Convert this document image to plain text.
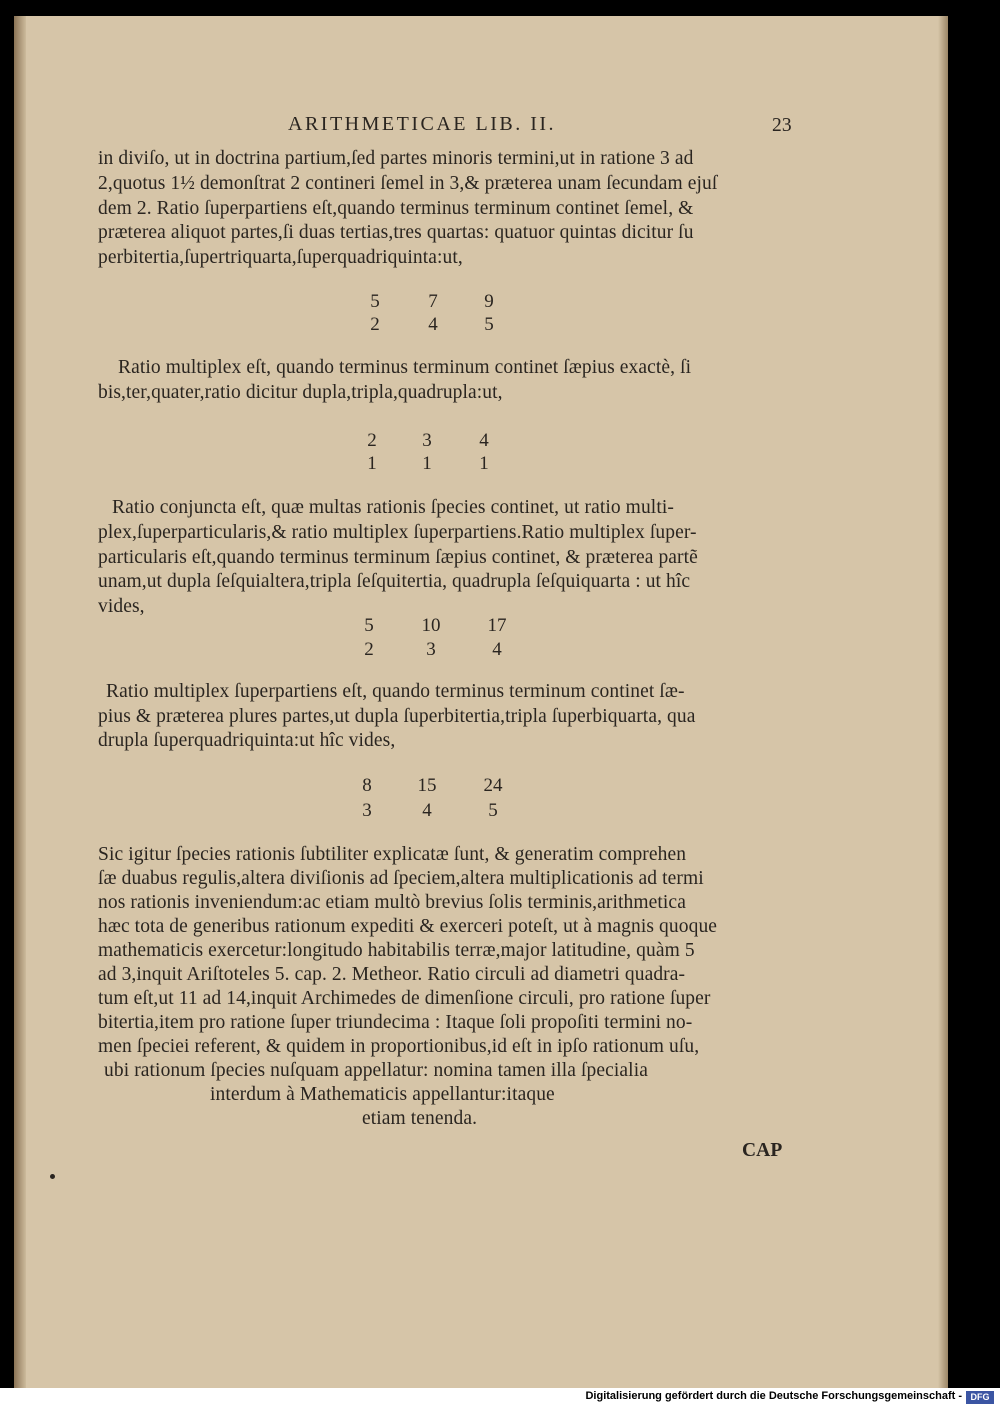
ARITHMETICAE LIB. II.	23
in diviſo, ut in doctrina partium,ſed partes minoris termini,ut in ratione 3 ad
2,quotus 1½ demonſtrat 2 contineri ſemel in 3,& prӕterea unam ſecundam ejuſ
dem 2. Ratio ſuperpartiens eſt,quando terminus terminum continet ſemel, &
prӕterea aliquot partes,ſi duas tertias,tres quartas: quatuor quintas dicitur ſu
perbitertia,ſupertriquarta,ſuperquadriquinta:ut,
5	7	9
2	4	5
Ratio multiplex eſt, quando terminus terminum continet ſӕpius exactè, ſi
bis,ter,quater,ratio dicitur dupla,tripla,quadrupla:ut,
2	3	4
1	1	1
Ratio conjuncta eſt, quӕ multas rationis ſpecies continet, ut ratio multi-
plex,ſuperparticularis,& ratio multiplex ſuperpartiens.Ratio multiplex ſuper-
particularis eſt,quando terminus terminum ſӕpius continet, & prӕterea partẽ
unam,ut dupla ſeſquialtera,tripla ſeſquitertia, quadrupla ſeſquiquarta : ut hîc
vides,
5	10 17
2	3	4
Ratio multiplex ſuperpartiens eſt, quando terminus terminum continet ſӕ-
pius & prӕterea plures partes,ut dupla ſuperbitertia,tripla ſuperbiquarta, qua
drupla ſuperquadriquinta:ut hîc vides,
8	15 24
3	4	5
Sic igitur ſpecies rationis ſubtiliter explicatӕ ſunt, & generatim comprehen
ſӕ duabus regulis,altera diviſionis ad ſpeciem,altera multiplicationis ad termi
nos rationis inveniendum:ac etiam multò brevius ſolis terminis,arithmetica
hӕc tota de generibus rationum expediti & exerceri poteſt, ut à magnis quoque
mathematicis exercetur:longitudo habitabilis terrӕ,major latitudine, quàm 5
ad 3,inquit Ariſtoteles 5. cap. 2. Metheor. Ratio circuli ad diametri quadra-
tum eſt,ut 11 ad 14,inquit Archimedes de dimenſione circuli, pro ratione ſuper
bitertia,item pro ratione ſuper triundecima : Itaque ſoli propoſiti termini no-
men ſpeciei referent, & quidem in proportionibus,id eſt in ipſo rationum uſu,
ubi rationum ſpecies nuſquam appellatur: nomina tamen illa ſpecialia
interdum à Mathematicis appellantur:itaque
etiam tenenda.
CAP
Digitalisierung gefördert durch die Deutsche Forschungsgemeinschaft - DFG
